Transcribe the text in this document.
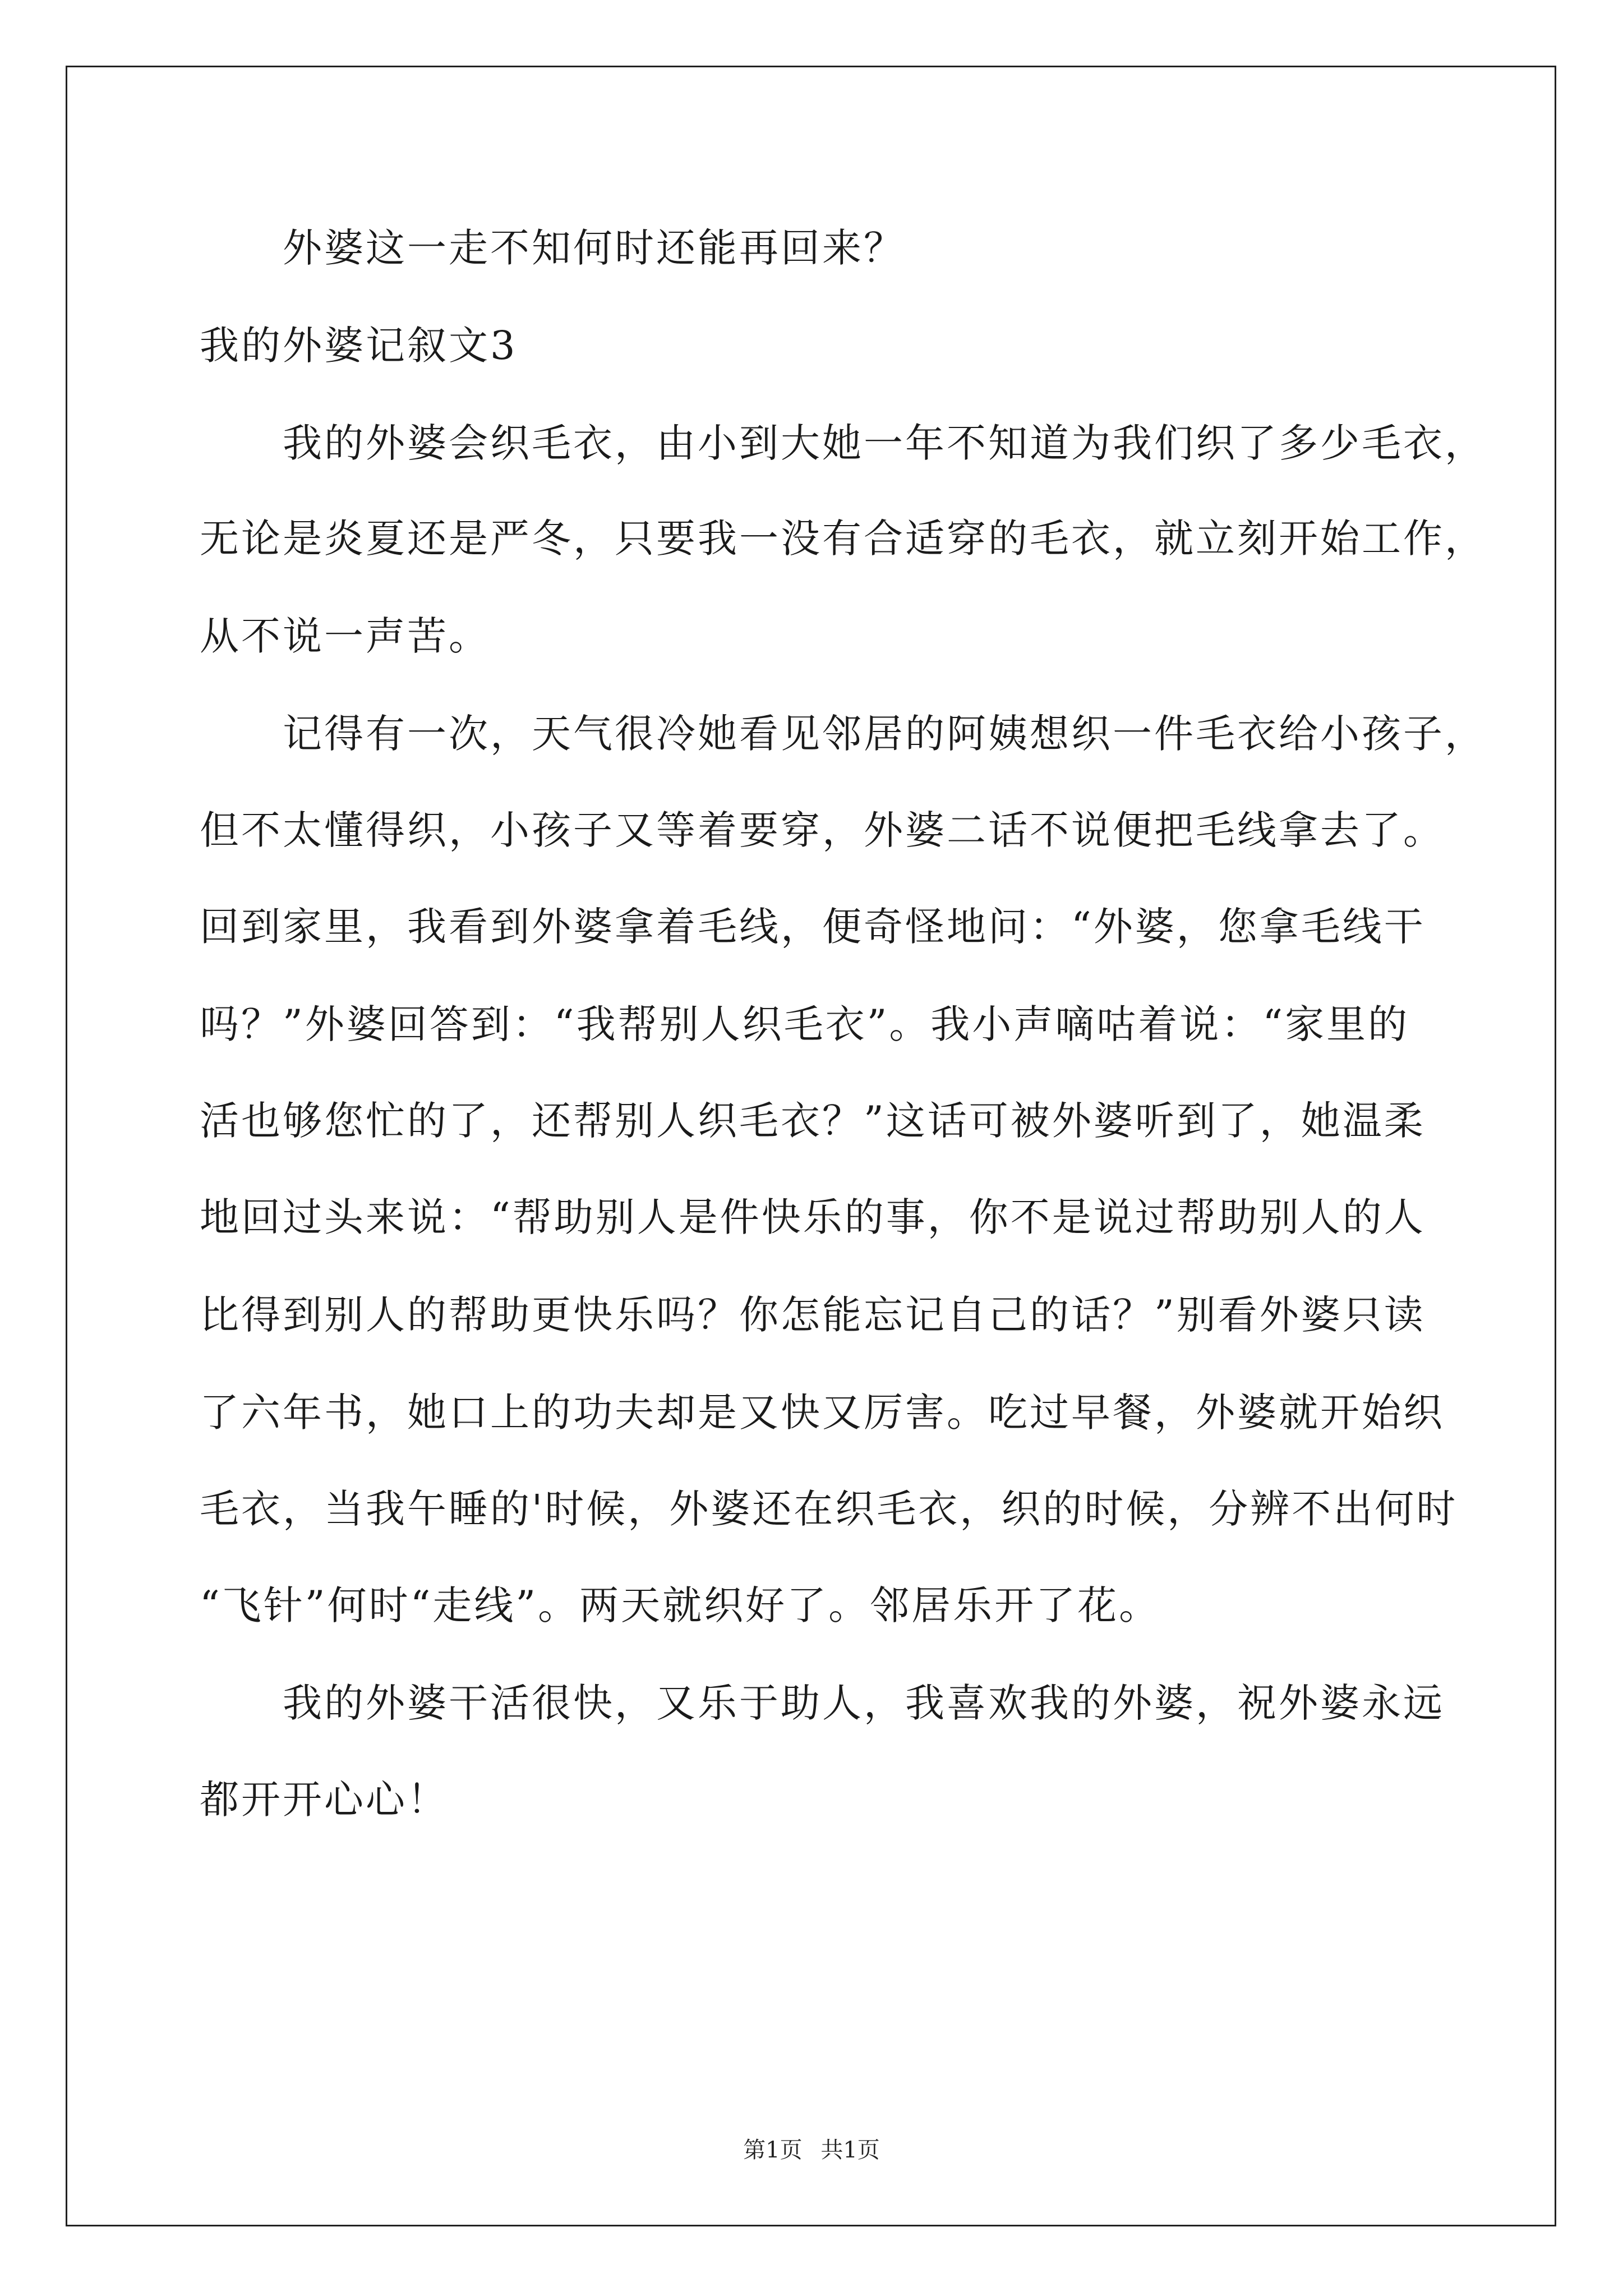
外婆这一走不知何时还能再回来？
我的外婆记叙文3
我的外婆会织毛衣，由小到大她一年不知道为我们织了多少毛衣，
无论是炎夏还是严冬，只要我一没有合适穿的毛衣，就立刻开始工作，
从不说一声苦。
记得有一次，天气很冷她看见邻居的阿姨想织一件毛衣给小孩子，
但不太懂得织，小孩子又等着要穿，外婆二话不说便把毛线拿去了。
回到家里，我看到外婆拿着毛线，便奇怪地问：“外婆，您拿毛线干
吗？”外婆回答到：“我帮别人织毛衣”。我小声嘀咕着说：“家里的
活也够您忙的了，还帮别人织毛衣？”这话可被外婆听到了，她温柔
地回过头来说：“帮助别人是件快乐的事，你不是说过帮助别人的人
比得到别人的帮助更快乐吗？你怎能忘记自己的话？”别看外婆只读
了六年书，她口上的功夫却是又快又厉害。吃过早餐，外婆就开始织
毛衣，当我午睡的'时候，外婆还在织毛衣，织的时候，分辨不出何时
“飞针”何时“走线”。两天就织好了。邻居乐开了花。
我的外婆干活很快，又乐于助人，我喜欢我的外婆，祝外婆永远
都开开心心！
第1页 共1页
